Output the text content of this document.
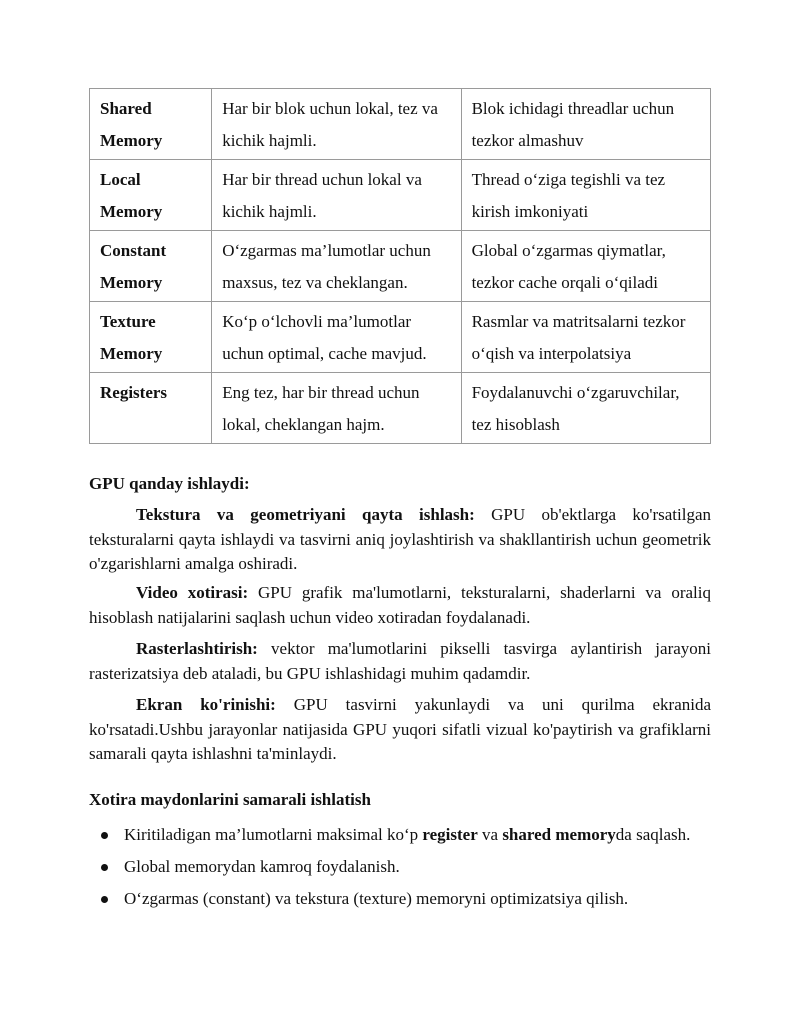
Shared Memory	Har bir blok uchun lokal, tez va kichik hajmli.	Blok ichidagi threadlar uchun tezkor almashuv
Local Memory	Har bir thread uchun lokal va kichik hajmli.	Thread o‘ziga tegishli va tez kirish imkoniyati
Constant Memory	O‘zgarmas ma’lumotlar uchun maxsus, tez va cheklangan.	Global o‘zgarmas qiymatlar, tezkor cache orqali o‘qiladi
Texture Memory	Ko‘p o‘lchovli ma’lumotlar uchun optimal, cache mavjud.	Rasmlar va matritsalarni tezkor o‘qish va interpolatsiya
Registers	Eng tez, har bir thread uchun lokal, cheklangan hajm.	Foydalanuvchi o‘zgaruvchilar, tez hisoblash
GPU qanday ishlaydi:

Tekstura va geometriyani qayta ishlash: GPU ob'ektlarga ko'rsatilgan teksturalarni qayta ishlaydi va tasvirni aniq joylashtirish va shakllantirish uchun geometrik o'zgarishlarni amalga oshiradi.

Video xotirasi: GPU grafik ma'lumotlarni, teksturalarni, shaderlarni va oraliq hisoblash natijalarini saqlash uchun video xotiradan foydalanadi.

Rasterlashtirish: vektor ma'lumotlarini pikselli tasvirga aylantirish jarayoni rasterizatsiya deb ataladi, bu GPU ishlashidagi muhim qadamdir.

Ekran ko'rinishi: GPU tasvirni yakunlaydi va uni qurilma ekranida ko'rsatadi.Ushbu jarayonlar natijasida GPU yuqori sifatli vizual ko'paytirish va grafiklarni samarali qayta ishlashni ta'minlaydi.

Xotira maydonlarini samarali ishlatish
Kiritiladigan ma’lumotlarni maksimal ko‘p register va shared memoryda saqlash.
Global memorydan kamroq foydalanish.
O‘zgarmas (constant) va tekstura (texture) memoryni optimizatsiya qilish.
